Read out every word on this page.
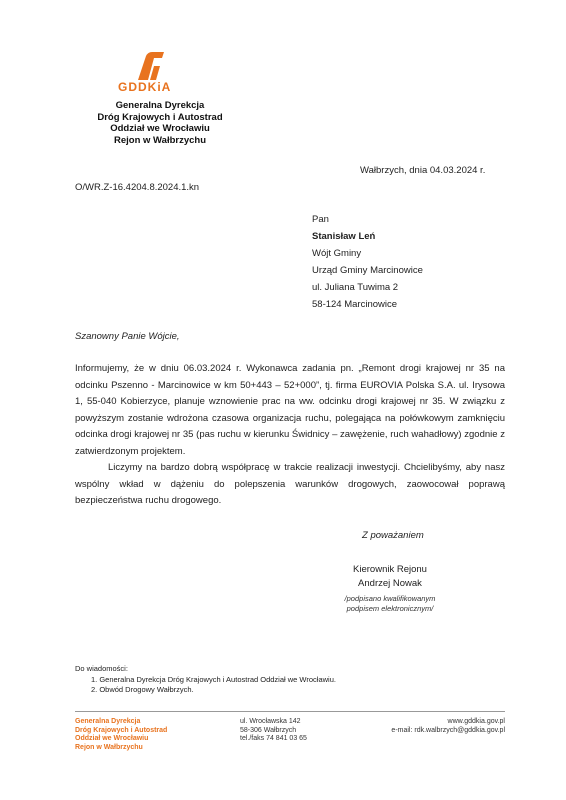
GDDKiA
Generalna Dyrekcja
Dróg Krajowych i Autostrad
Oddział we Wrocławiu
Rejon w Wałbrzychu
Wałbrzych, dnia 04.03.2024 r.
O/WR.Z-16.4204.8.2024.1.kn
Pan
Stanisław Leń
Wójt Gminy
Urząd Gminy Marcinowice
ul. Juliana Tuwima 2
58-124 Marcinowice
Szanowny Panie Wójcie,

Informujemy, że w dniu 06.03.2024 r. Wykonawca zadania pn. „Remont drogi krajowej nr 35 na odcinku Pszenno - Marcinowice w km 50+443 – 52+000”, tj. firma EUROVIA Polska S.A. ul. Irysowa 1, 55-040 Kobierzyce, planuje wznowienie prac na ww. odcinku drogi krajowej nr 35. W związku z powyższym zostanie wdrożona czasowa organizacja ruchu, polegająca na połówkowym zamknięciu odcinka drogi krajowej nr 35 (pas ruchu w kierunku Świdnicy – zawężenie, ruch wahadłowy) zgodnie z zatwierdzonym projektem.

Liczymy na bardzo dobrą współpracę w trakcie realizacji inwestycji. Chcielibyśmy, aby nasz wspólny wkład w dążeniu do polepszenia warunków drogowych, zaowocował poprawą bezpieczeństwa ruchu drogowego.

Z poważaniem
Kierownik Rejonu
Andrzej Nowak
/podpisano kwalifikowanym
podpisem elektronicznym/
Do wiadomości:
1. Generalna Dyrekcja Dróg Krajowych i Autostrad Oddział we Wrocławiu.
2. Obwód Drogowy Wałbrzych.
Generalna Dyrekcja
Dróg Krajowych i Autostrad
Oddział we Wrocławiu
Rejon w Wałbrzychu
ul. Wrocławska 142
58-306 Wałbrzych
tel./faks 74 841 03 65
www.gddkia.gov.pl
e-mail: rdk.walbrzych@gddkia.gov.pl
